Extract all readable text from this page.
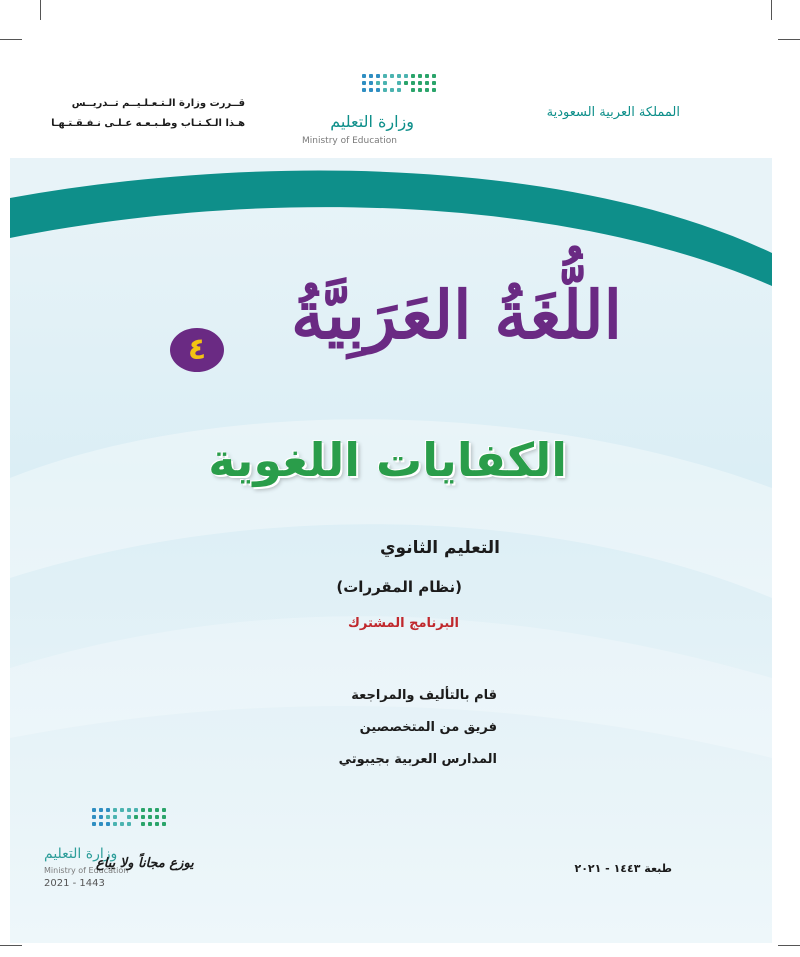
المملكة العربية السعودية
وزارة التعليم
Ministry of Education
قــررت وزارة الـتـعـلـيــم تــدريــس
هـذا الـكـتـاب وطـبـعـه عـلـى نـفـقـتـهـا
اللُّغَةُ العَرَبِيَّةُ
٤
الكفايات اللغوية
التعليم الثانوي
(نظام المقررات)
البرنامج المشترك
قام بالتأليف والمراجعة
فريق من المتخصصين
المدارس العربية بجيبوتي
طبعة ١٤٤٣ - ٢٠٢١
وزارة التعليم
Ministry of Education
2021 - 1443
يوزع مجاناً ولا يباع
